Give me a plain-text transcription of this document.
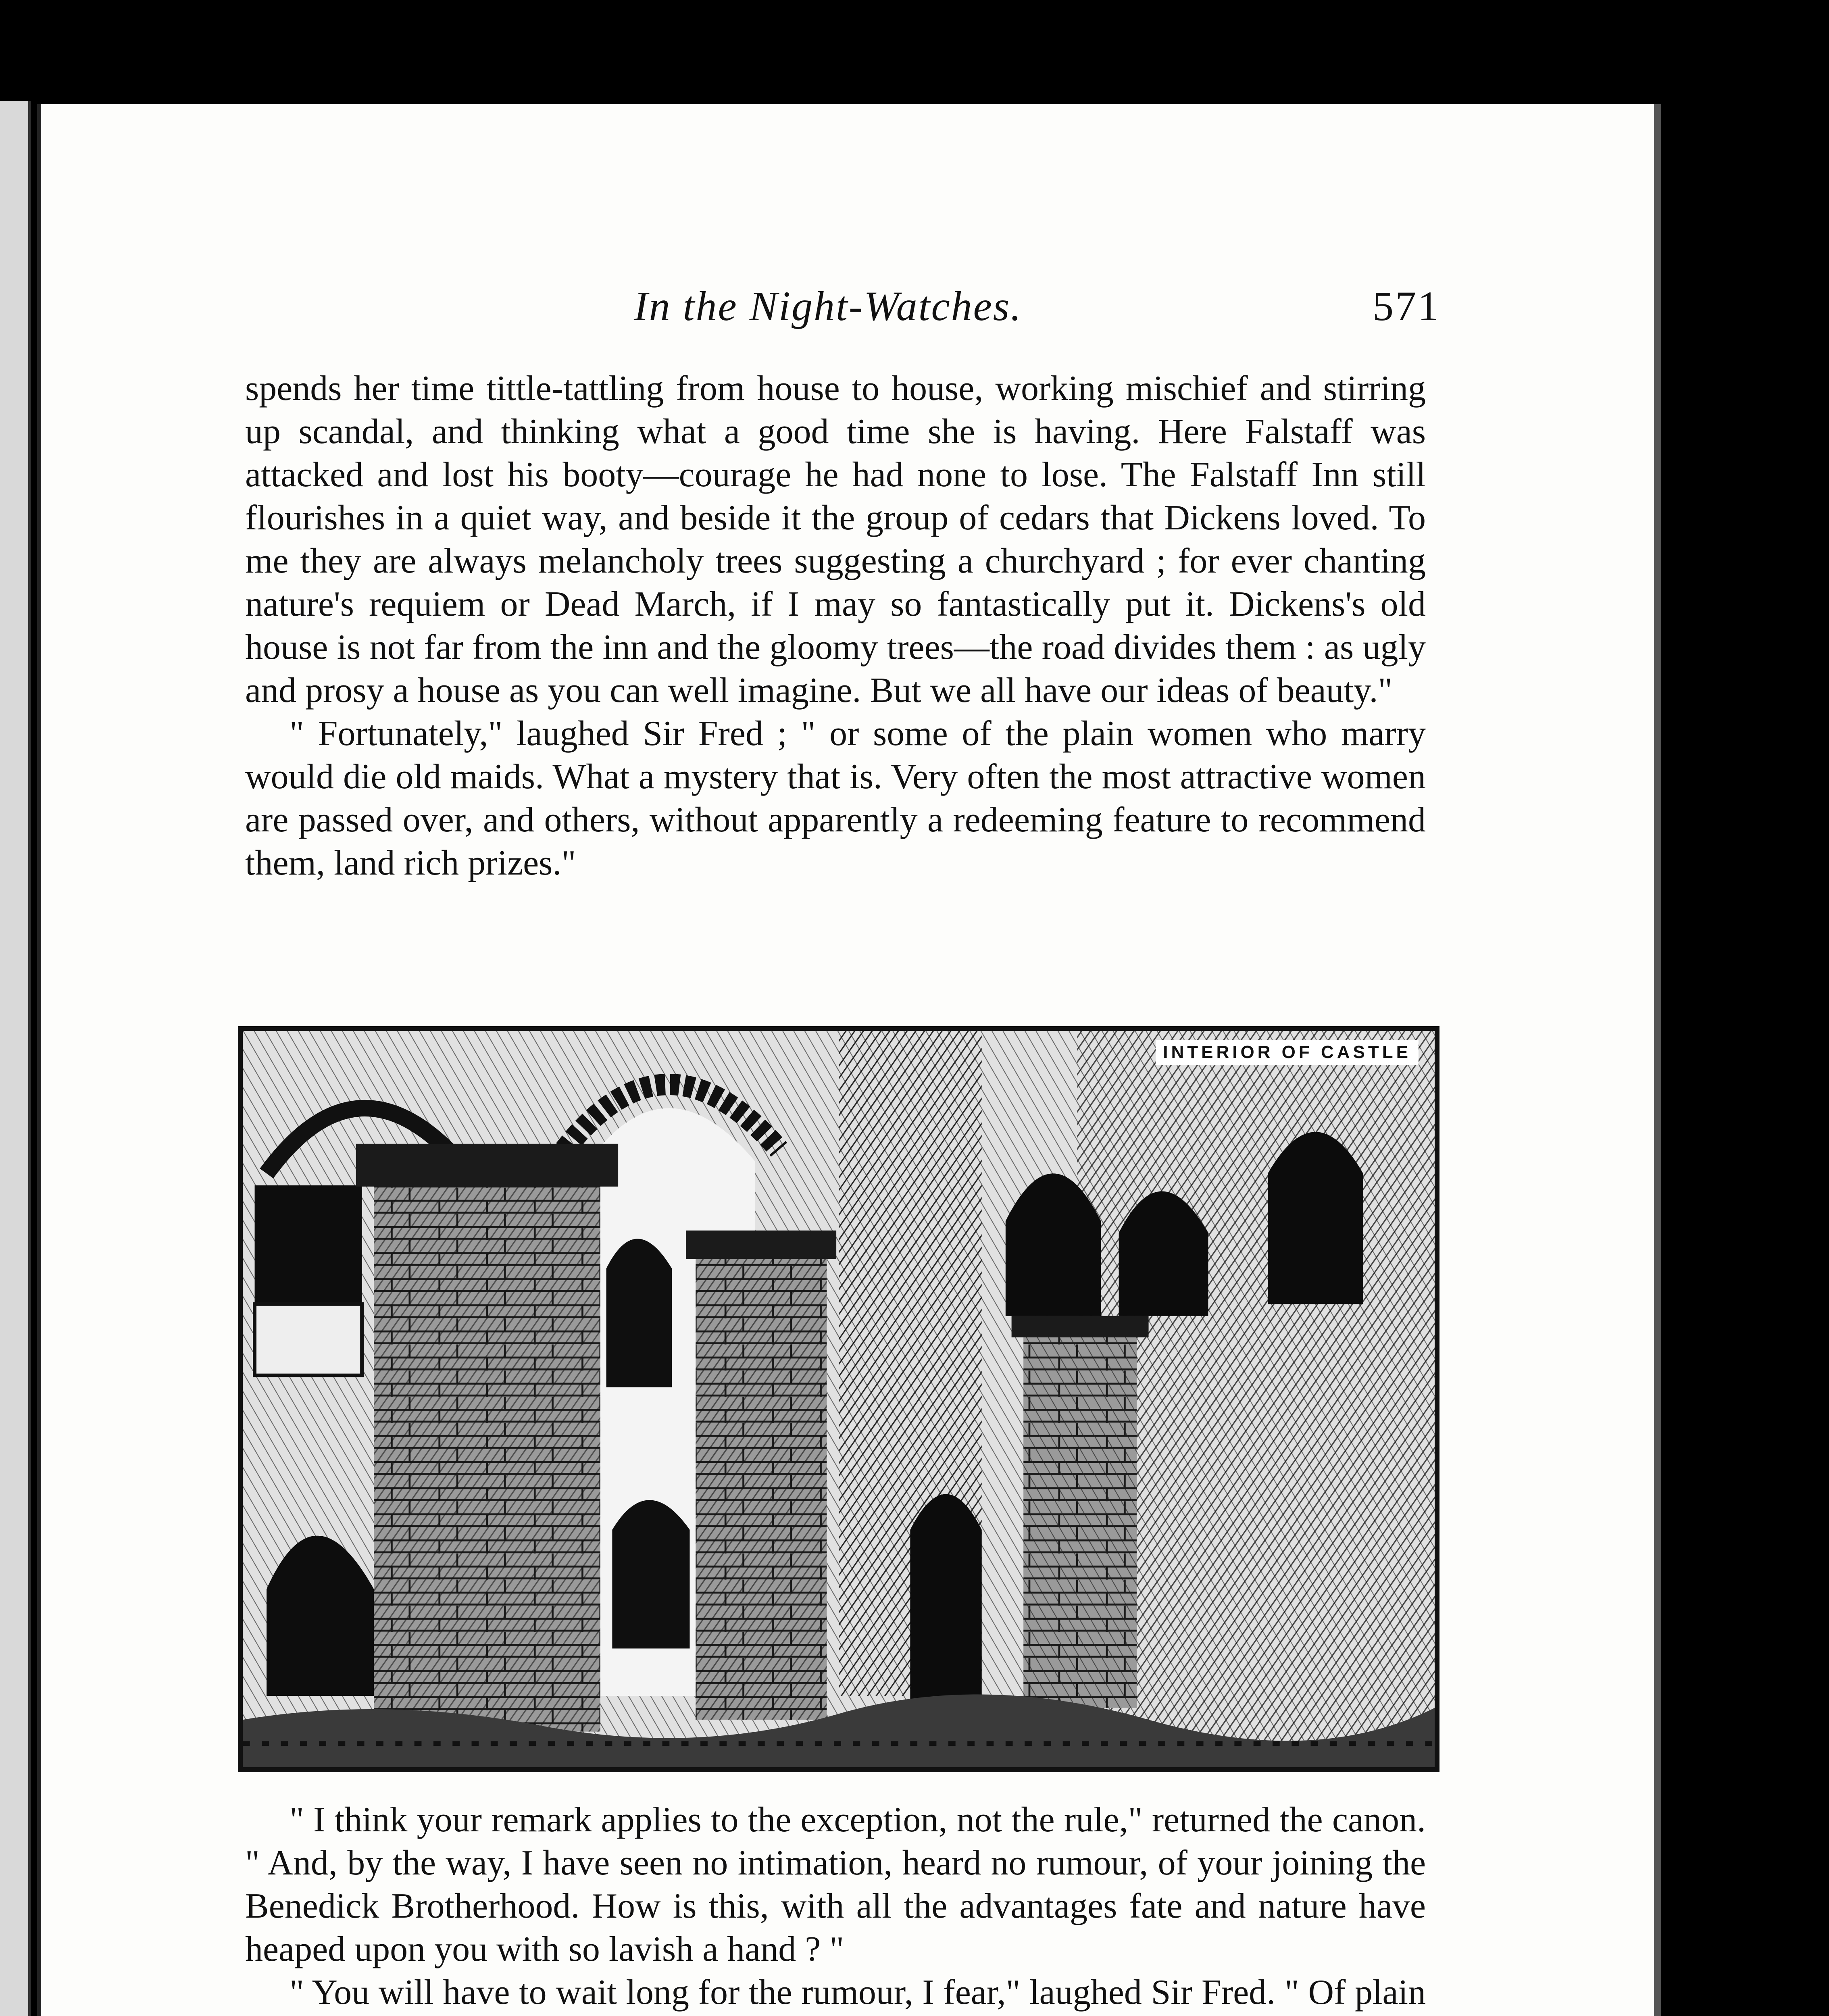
In the Night-Watches.	571

spends her time tittle-tattling from house to house, working mischief and stirring up scandal, and thinking what a good time she is having. Here Falstaff was attacked and lost his booty—courage he had none to lose. The Falstaff Inn still flourishes in a quiet way, and beside it the group of cedars that Dickens loved. To me they are always melancholy trees suggesting a churchyard ; for ever chanting nature's requiem or Dead March, if I may so fantastically put it. Dickens's old house is not far from the inn and the gloomy trees—the road divides them : as ugly and prosy a house as you can well imagine. But we all have our ideas of beauty."

" Fortunately," laughed Sir Fred ; " or some of the plain women who marry would die old maids. What a mystery that is. Very often the most attractive women are passed over, and others, without apparently a redeeming feature to recommend them, land rich prizes."

INTERIOR OF CASTLE

" I think your remark applies to the exception, not the rule," returned the canon. " And, by the way, I have seen no intimation, heard no rumour, of your joining the Benedick Brotherhood. How is this, with all the advantages fate and nature have heaped upon you with so lavish a hand ? "

" You will have to wait long for the rumour, I fear," laughed Sir Fred. " Of plain
